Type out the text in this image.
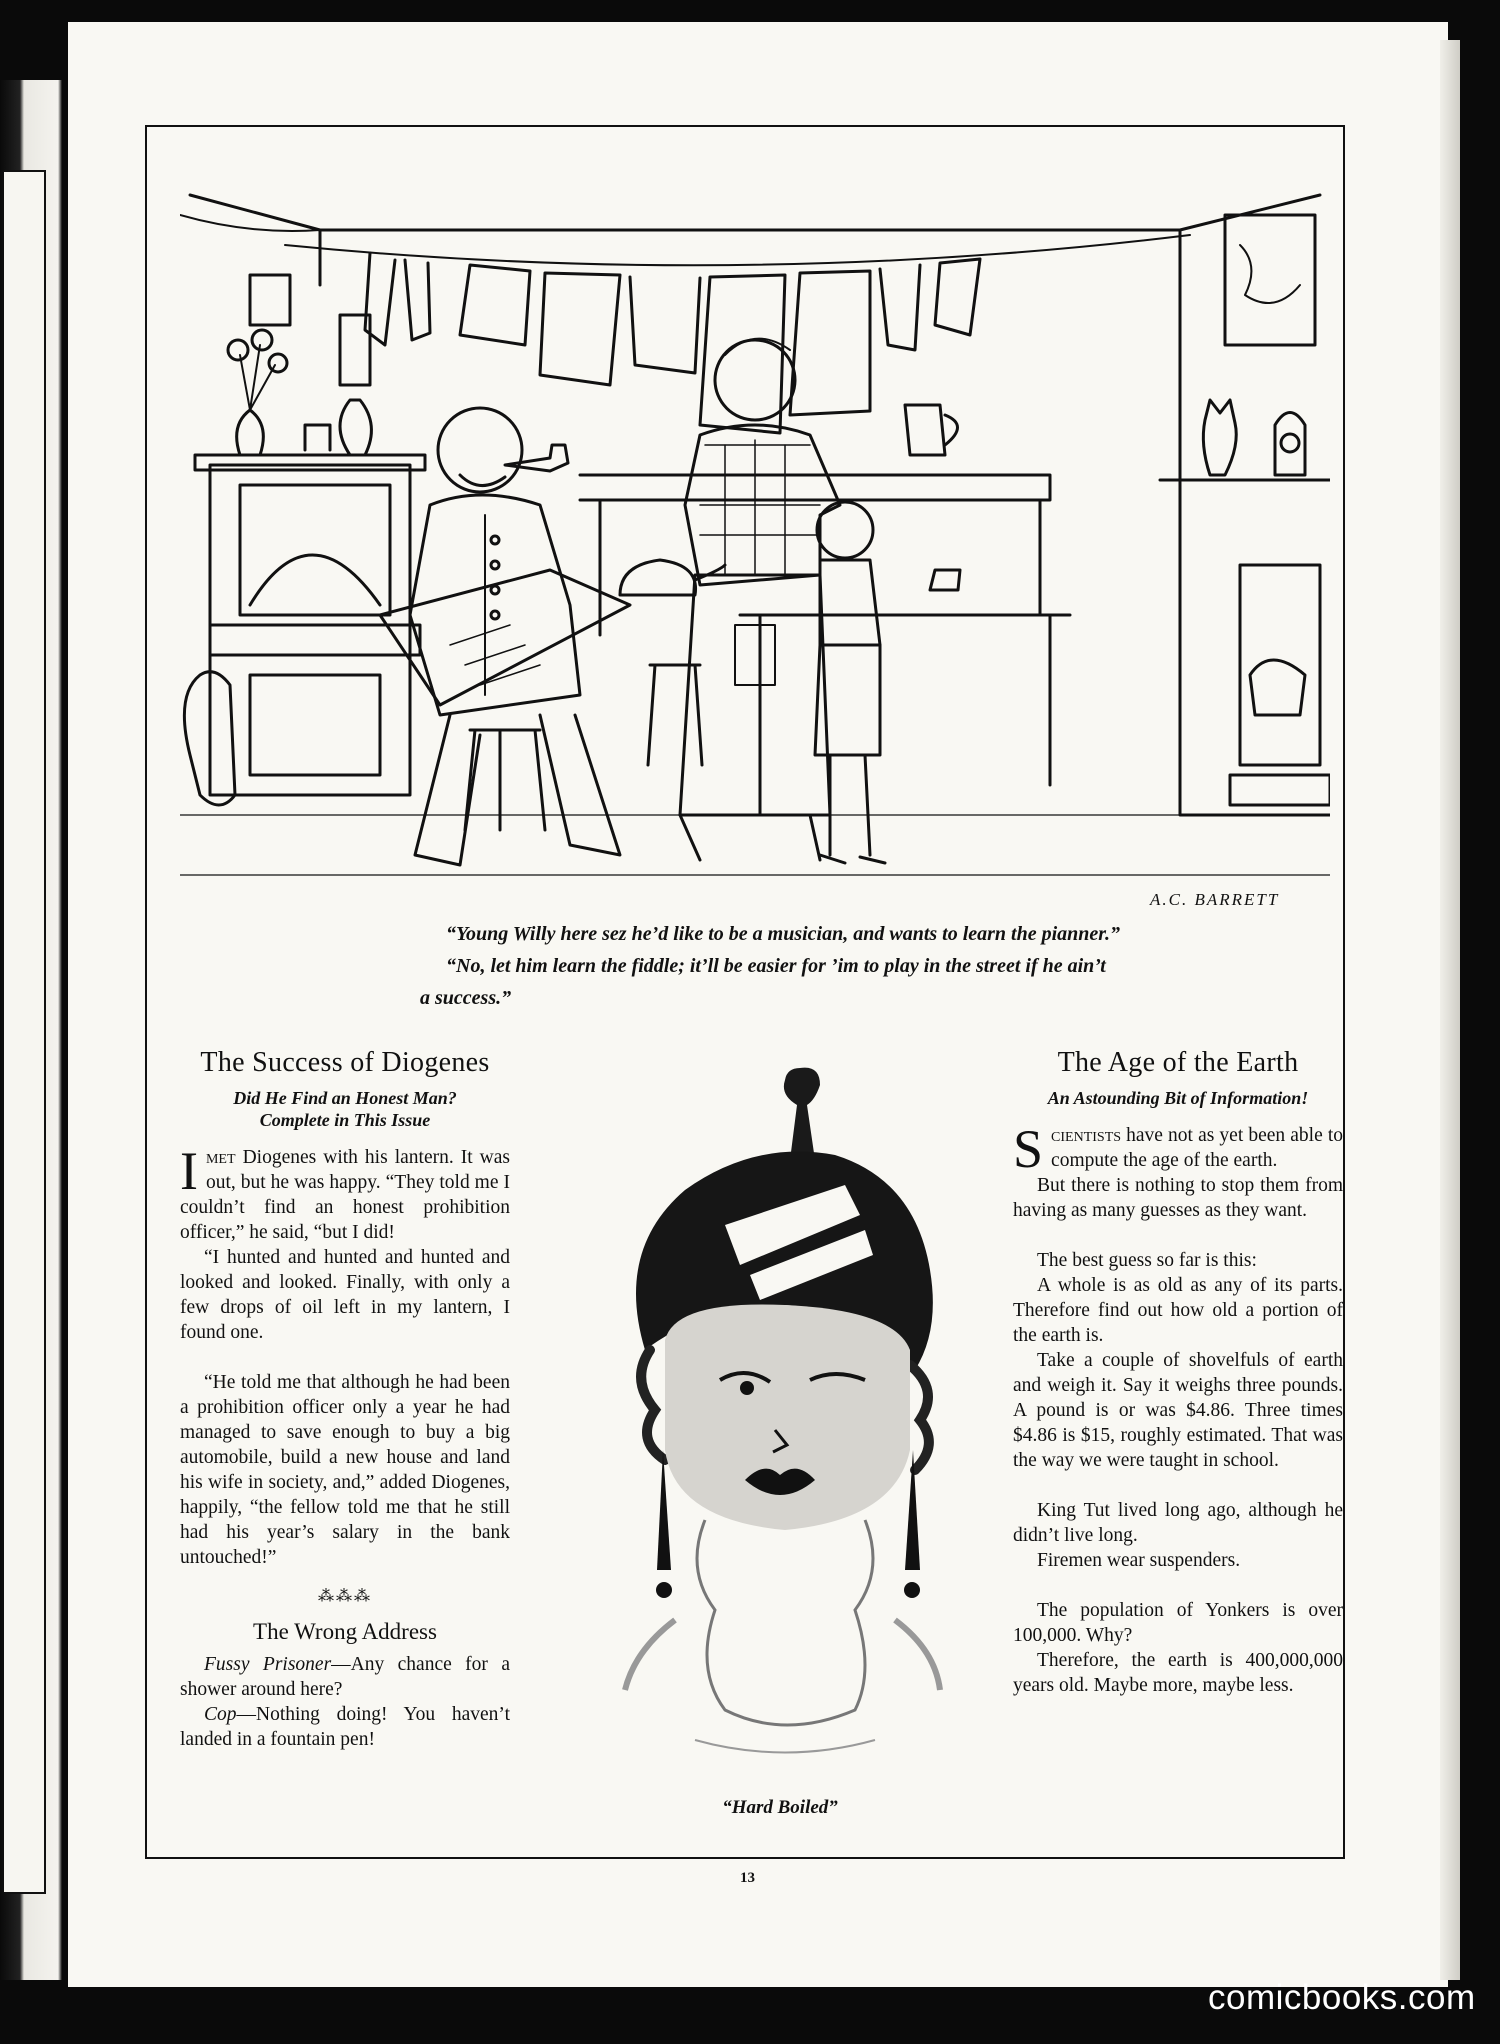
A.C. BARRETT

“Young Willy here sez he’d like to be a musician, and wants to learn the pianner.”

“No, let him learn the fiddle; it’ll be easier for ’im to play in the street if he ain’t a success.”

The Success of Diogenes
Did He Find an Honest Man?
Complete in This Issue

Imet Diogenes with his lantern. It was out, but he was happy. “They told me I couldn’t find an honest prohibition officer,” he said, “but I did!

“I hunted and hunted and hunted and looked and looked. Finally, with only a few drops of oil left in my lantern, I found one.

“He told me that although he had been a prohibition officer only a year he had managed to save enough to buy a big automobile, build a new house and land his wife in society, and,” added Diogenes, happily, “the fellow told me that he still had his year’s salary in the bank untouched!”

⁂⁂⁂
The Wrong Address

Fussy Prisoner—Any chance for a shower around here?

Cop—Nothing doing! You haven’t landed in a fountain pen!

“Hard Boiled”
The Age of the Earth
An Astounding Bit of Information!

Scientists have not as yet been able to compute the age of the earth.

But there is nothing to stop them from having as many guesses as they want.

The best guess so far is this:

A whole is as old as any of its parts. Therefore find out how old a portion of the earth is.

Take a couple of shovelfuls of earth and weigh it. Say it weighs three pounds. A pound is or was $4.86. Three times $4.86 is $15, roughly estimated. That was the way we were taught in school.

King Tut lived long ago, although he didn’t live long.

Firemen wear suspenders.

The population of Yonkers is over 100,000. Why?

Therefore, the earth is 400,000,000 years old. Maybe more, maybe less.

13
comicbooks.com
